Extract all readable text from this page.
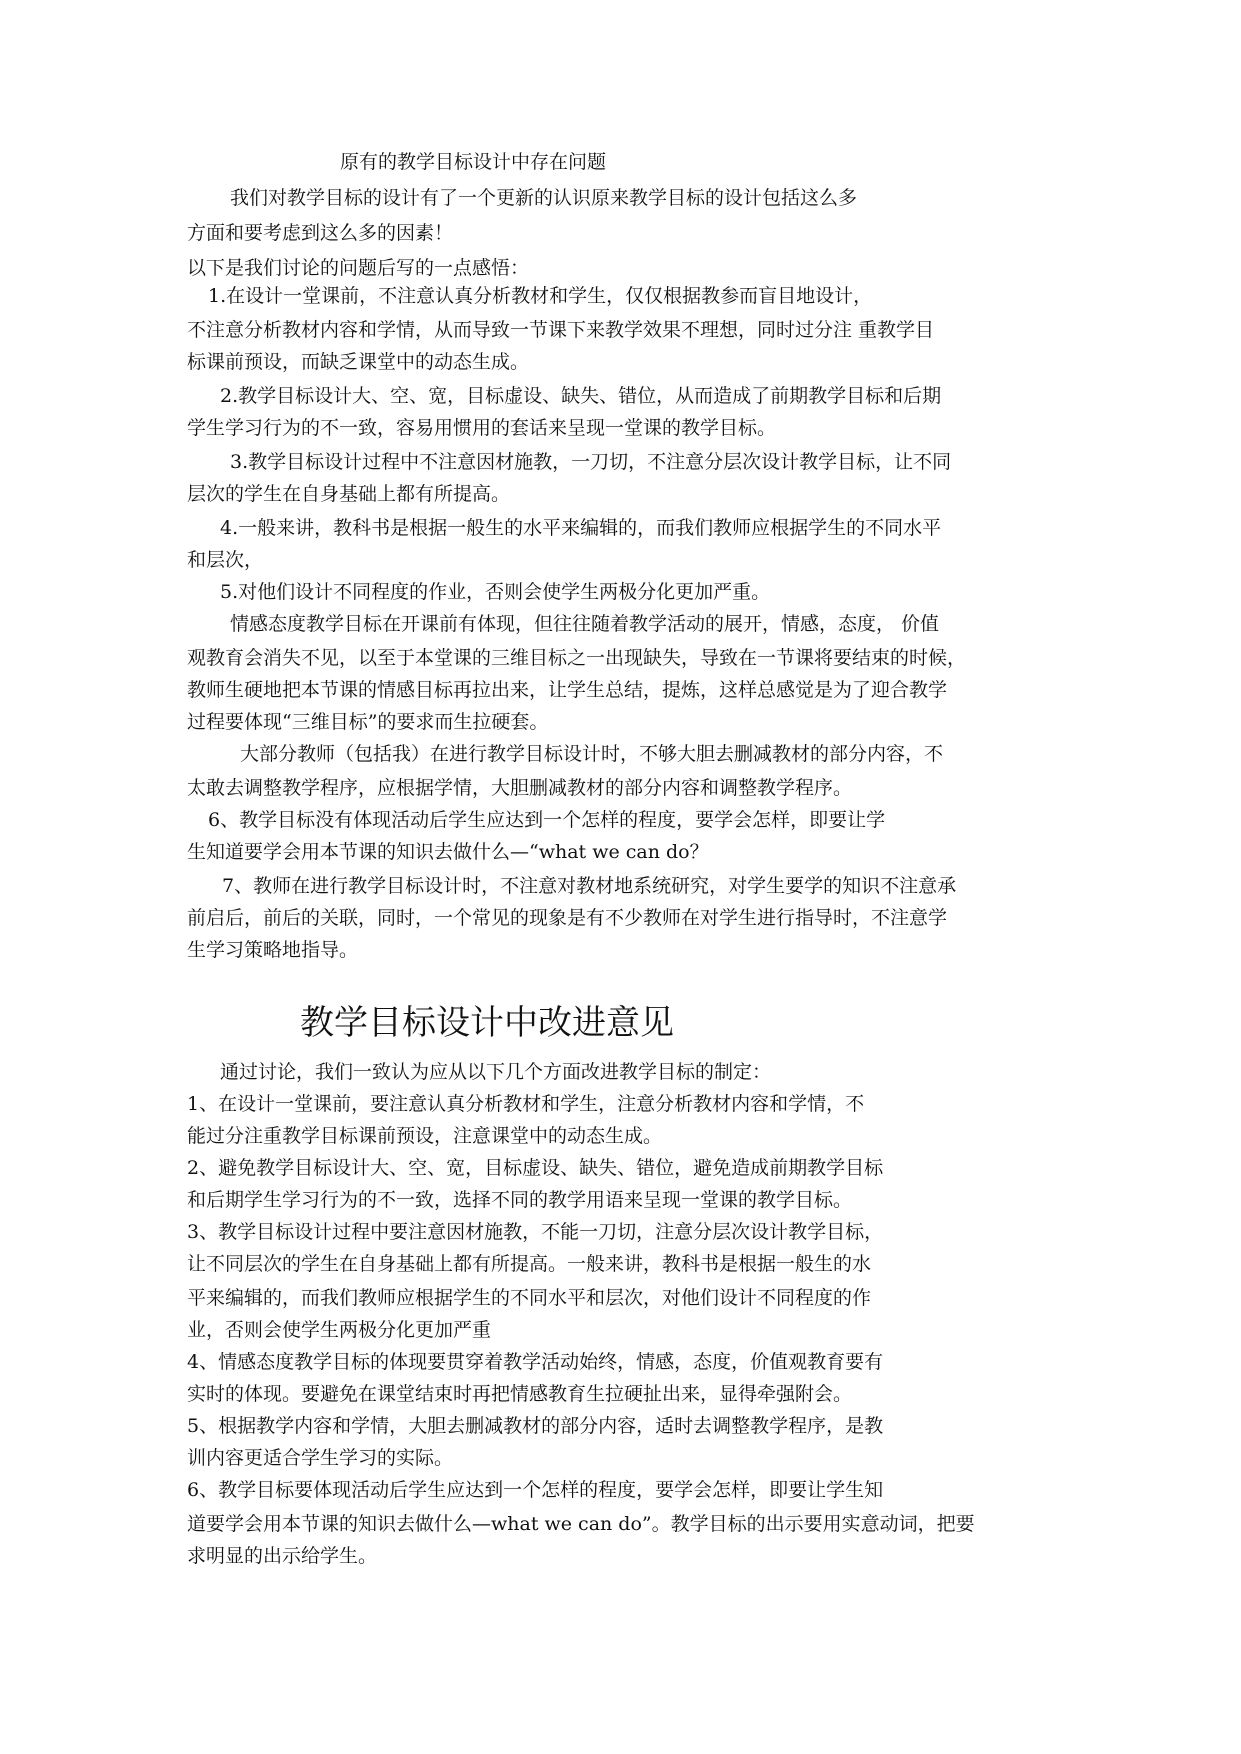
原有的教学目标设计中存在问题
我们对教学目标的设计有了一个更新的认识原来教学目标的设计包括这么多
方面和要考虑到这么多的因素！
以下是我们讨论的问题后写的一点感悟：
1.在设计一堂课前，不注意认真分析教材和学生，仅仅根据教参而盲目地设计，
不注意分析教材内容和学情，从而导致一节课下来教学效果不理想，同时过分注 重教学目
标课前预设，而缺乏课堂中的动态生成。
2.教学目标设计大、空、宽，目标虚设、缺失、错位，从而造成了前期教学目标和后期
学生学习行为的不一致，容易用惯用的套话来呈现一堂课的教学目标。
3.教学目标设计过程中不注意因材施教，一刀切，不注意分层次设计教学目标，让不同
层次的学生在自身基础上都有所提高。
4.一般来讲，教科书是根据一般生的水平来编辑的，而我们教师应根据学生的不同水平
和层次，
5.对他们设计不同程度的作业，否则会使学生两极分化更加严重。
情感态度教学目标在开课前有体现，但往往随着教学活动的展开，情感，态度， 价值
观教育会消失不见，以至于本堂课的三维目标之一出现缺失，导致在一节课将要结束的时候，
教师生硬地把本节课的情感目标再拉出来，让学生总结，提炼，这样总感觉是为了迎合教学
过程要体现“三维目标”的要求而生拉硬套。
大部分教师（包括我）在进行教学目标设计时，不够大胆去删减教材的部分内容，不
太敢去调整教学程序，应根据学情，大胆删减教材的部分内容和调整教学程序。
6、教学目标没有体现活动后学生应达到一个怎样的程度，要学会怎样，即要让学
生知道要学会用本节课的知识去做什么—“what we can do？
7、教师在进行教学目标设计时，不注意对教材地系统研究，对学生要学的知识不注意承
前启后，前后的关联，同时，一个常见的现象是有不少教师在对学生进行指导时，不注意学
生学习策略地指导。
教学目标设计中改进意见
通过讨论，我们一致认为应从以下几个方面改进教学目标的制定：
1、在设计一堂课前，要注意认真分析教材和学生，注意分析教材内容和学情，不
能过分注重教学目标课前预设，注意课堂中的动态生成。
2、避免教学目标设计大、空、宽，目标虚设、缺失、错位，避免造成前期教学目标
和后期学生学习行为的不一致，选择不同的教学用语来呈现一堂课的教学目标。
3、教学目标设计过程中要注意因材施教，不能一刀切，注意分层次设计教学目标，
让不同层次的学生在自身基础上都有所提高。一般来讲，教科书是根据一般生的水
平来编辑的，而我们教师应根据学生的不同水平和层次，对他们设计不同程度的作
业，否则会使学生两极分化更加严重
4、情感态度教学目标的体现要贯穿着教学活动始终，情感，态度，价值观教育要有
实时的体现。要避免在课堂结束时再把情感教育生拉硬扯出来，显得牵强附会。
5、根据教学内容和学情，大胆去删减教材的部分内容，适时去调整教学程序，是教
训内容更适合学生学习的实际。
6、教学目标要体现活动后学生应达到一个怎样的程度，要学会怎样，即要让学生知
道要学会用本节课的知识去做什么—what we can do”。教学目标的出示要用实意动词，把要
求明显的出示给学生。
